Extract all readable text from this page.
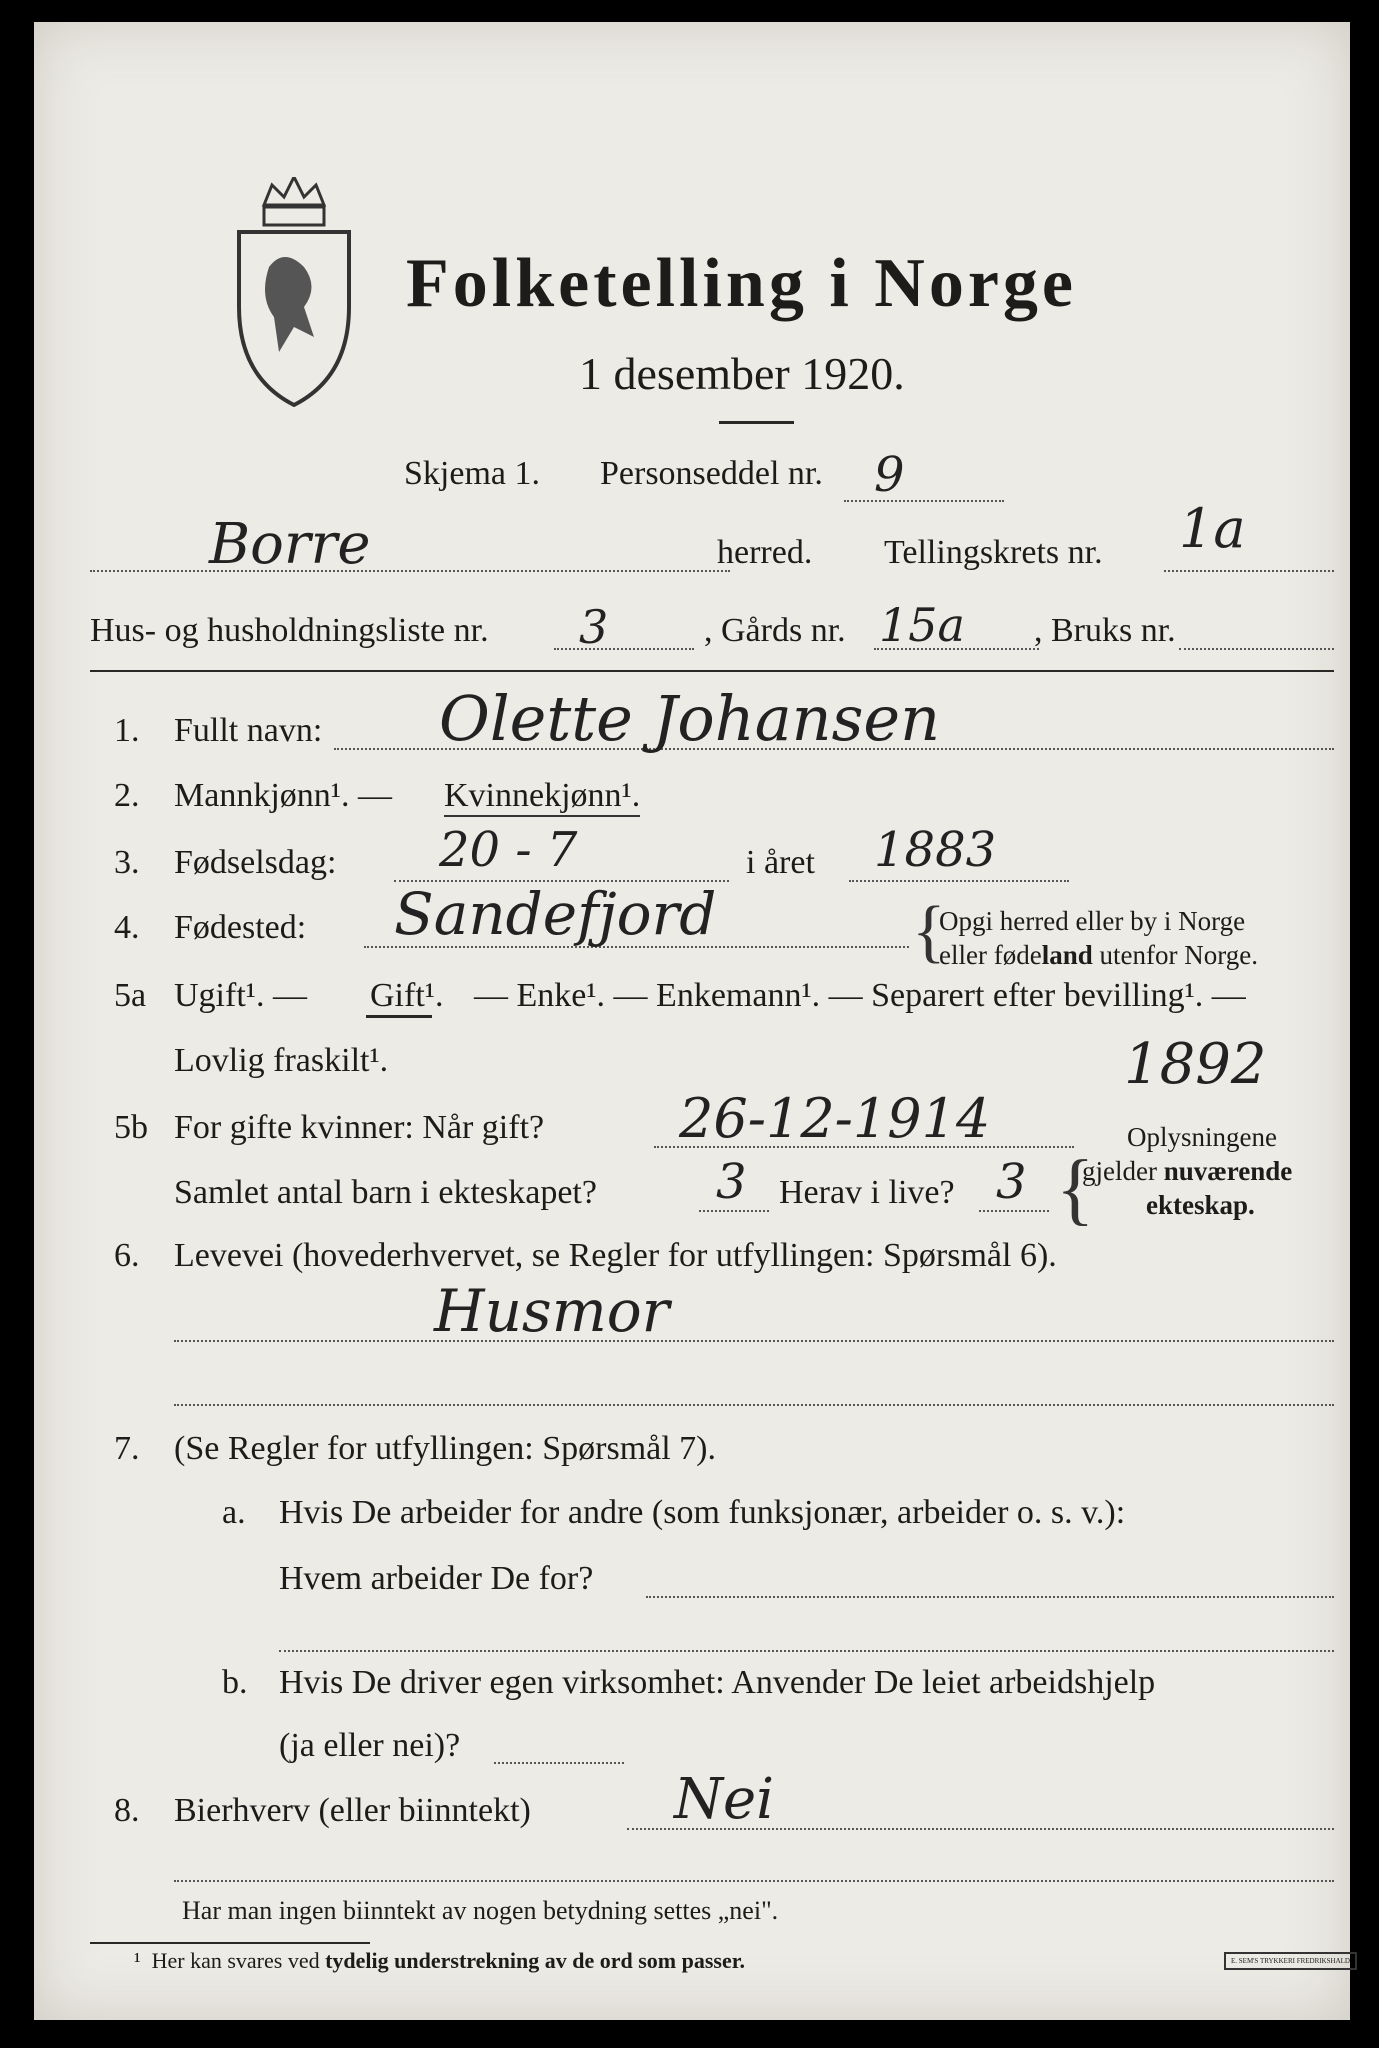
Folketelling i Norge
1 desember 1920.
Skjema 1. Personseddel nr. 9
Borre	herred. Tellingskrets nr. 1a
Hus- og husholdningsliste nr. 3	, Gårds nr. 15a , Bruks nr.
1. Fullt navn: Olette Johansen
2. Mannkjønn¹. — Kvinnekjønn¹.
3. Fødselsdag: 20 - 7	i året 1883
4. Fødested: Sandefjord	{
Opgi herred eller by i Norge
eller fødeland utenfor Norge.
5a Ugift¹. — Gift¹. — Enke¹. — Enkemann¹. — Separert efter bevilling¹. —
Lovlig fraskilt¹.	1892
5b For gifte kvinner: Når gift? 26-12-1914
Samlet antal barn i ekteskapet? 3 Herav i live? 3 {
Oplysningene
gjelder nuværende
ekteskap.
6. Levevei (hovederhvervet, se Regler for utfyllingen: Spørsmål 6).
Husmor
7. (Se Regler for utfyllingen: Spørsmål 7).
a. Hvis De arbeider for andre (som funksjonær, arbeider o. s. v.):
Hvem arbeider De for?
b. Hvis De driver egen virksomhet: Anvender De leiet arbeidshjelp
(ja eller nei)?
8. Bierhverv (eller biinntekt)	Nei
Har man ingen biinntekt av nogen betydning settes „nei".
¹ Her kan svares ved tydelig understrekning av de ord som passer.	E. SEM'S TRYKKERI FREDRIKSHALD
